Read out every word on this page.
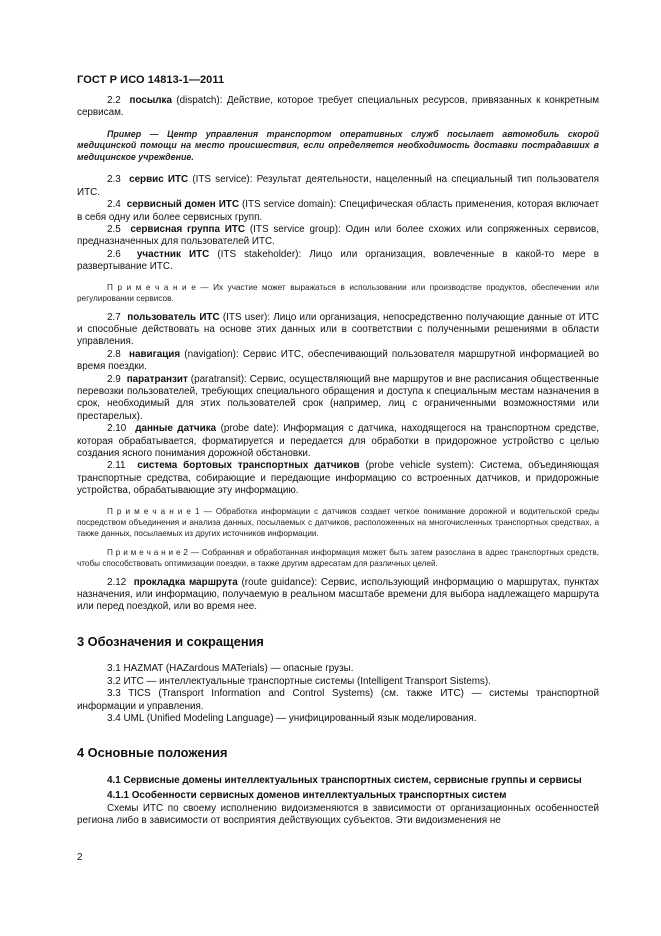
ГОСТ Р ИСО 14813-1—2011

2.2 посылка (dispatch): Действие, которое требует специальных ресурсов, привязанных к конкретным сервисам.

Пример — Центр управления транспортом оперативных служб посылает автомобиль скорой медицинской помощи на место происшествия, если определяется необходимость доставки пострадавших в медицинское учреждение.

2.3 сервис ИТС (ITS service): Результат деятельности, нацеленный на специальный тип пользователя ИТС.

2.4 сервисный домен ИТС (ITS service domain): Специфическая область применения, которая включает в себя одну или более сервисных групп.

2.5 сервисная группа ИТС (ITS service group): Один или более схожих или сопряженных сервисов, предназначенных для пользователей ИТС.

2.6 участник ИТС (ITS stakeholder): Лицо или организация, вовлеченные в какой-то мере в развертывание ИТС.

П р и м е ч а н и е — Их участие может выражаться в использовании или производстве продуктов, обеспечении или регулировании сервисов.

2.7 пользователь ИТС (ITS user): Лицо или организация, непосредственно получающие данные от ИТС и способные действовать на основе этих данных или в соответствии с полученными решениями в области управления.

2.8 навигация (navigation): Сервис ИТС, обеспечивающий пользователя маршрутной информацией во время поездки.

2.9 паратранзит (paratransit): Сервис, осуществляющий вне маршрутов и вне расписания общественные перевозки пользователей, требующих специального обращения и доступа к специальным местам назначения в срок, необходимый для этих пользователей срок (например, лиц с ограниченными возможностями или престарелых).

2.10 данные датчика (probe date): Информация с датчика, находящегося на транспортном средстве, которая обрабатывается, форматируется и передается для обработки в придорожное устройство с целью создания ясного понимания дорожной обстановки.

2.11 система бортовых транспортных датчиков (probe vehicle system): Система, объединяющая транспортные средства, собирающие и передающие информацию со встроенных датчиков, и придорожные устройства, обрабатывающие эту информацию.

П р и м е ч а н и е 1 — Обработка информации с датчиков создает четкое понимание дорожной и водительской среды посредством объединения и анализа данных, посылаемых с датчиков, расположенных на многочисленных транспортных средствах, а также данных, посылаемых из других источников информации.

П р и м е ч а н и е 2 — Собранная и обработанная информация может быть затем разослана в адрес транспортных средств, чтобы способствовать оптимизации поездки, а также другим адресатам для различных целей.

2.12 прокладка маршрута (route guidance): Сервис, использующий информацию о маршрутах, пунктах назначения, или информацию, получаемую в реальном масштабе времени для выбора надлежащего маршрута или перед поездкой, или во время нее.

3 Обозначения и сокращения

3.1 HAZMAT (HAZardous MATerials) — опасные грузы.

3.2 ИТС — интеллектуальные транспортные системы (Intelligent Transport Sistems).

3.3 TICS (Transport Information and Control Systems) (см. также ИТС) — системы транспортной информации и управления.

3.4 UML (Unified Modeling Language) — унифицированный язык моделирования.

4 Основные положения

4.1 Сервисные домены интеллектуальных транспортных систем, сервисные группы и сервисы

4.1.1 Особенности сервисных доменов интеллектуальных транспортных систем

Схемы ИТС по своему исполнению видоизменяются в зависимости от организационных особенностей региона либо в зависимости от восприятия действующих субъектов. Эти видоизменения не

2
